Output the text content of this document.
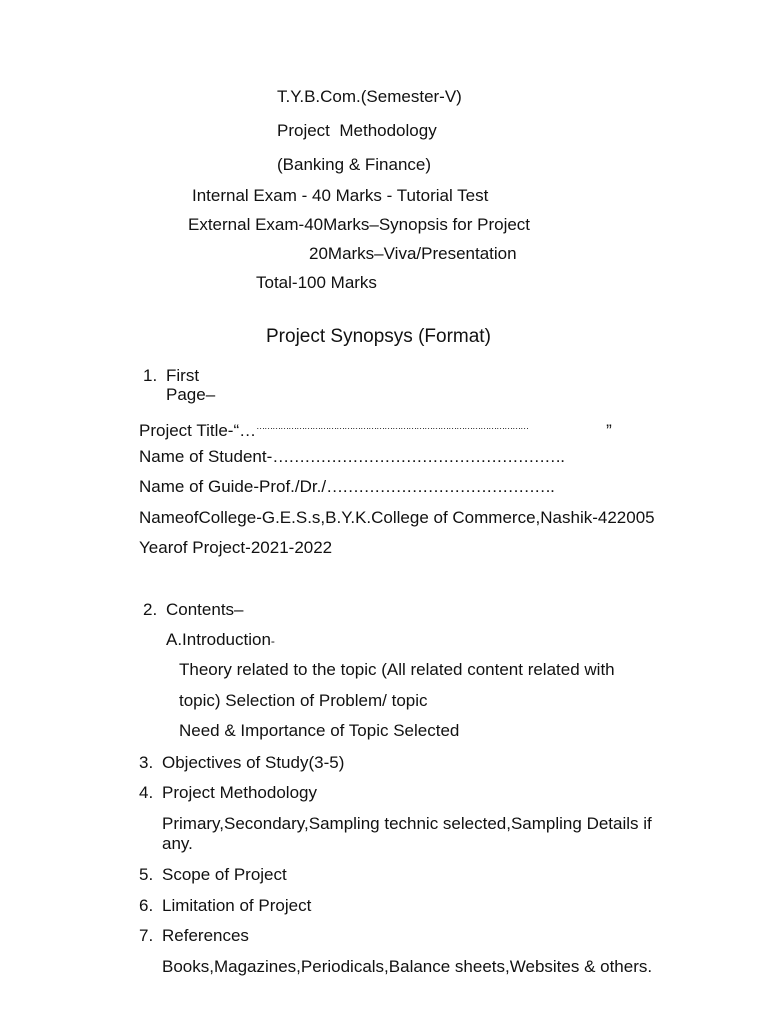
T.Y.B.Com.(Semester-V)
Project  Methodology
(Banking & Finance)
Internal Exam - 40 Marks - Tutorial Test
External Exam-40Marks–Synopsis for Project
20Marks–Viva/Presentation
Total-100 Marks
Project Synopsys (Format)
1. First
Page–
Project Title-“……………………………………………………………………………………………	”
Name of Student-……………………………………………….
Name of Guide-Prof./Dr./…………………………………….
NameofCollege-G.E.S.s,B.Y.K.College of Commerce,Nashik-422005
Yearof Project-2021-2022
2. Contents–
A.Introduction-
Theory related to the topic (All related content related with
topic) Selection of Problem/ topic
Need & Importance of Topic Selected
3. Objectives of Study(3-5)
4. Project Methodology
Primary,Secondary,Sampling technic selected,Sampling Details if
any.
5. Scope of Project
6. Limitation of Project
7. References
Books,Magazines,Periodicals,Balance sheets,Websites & others.
